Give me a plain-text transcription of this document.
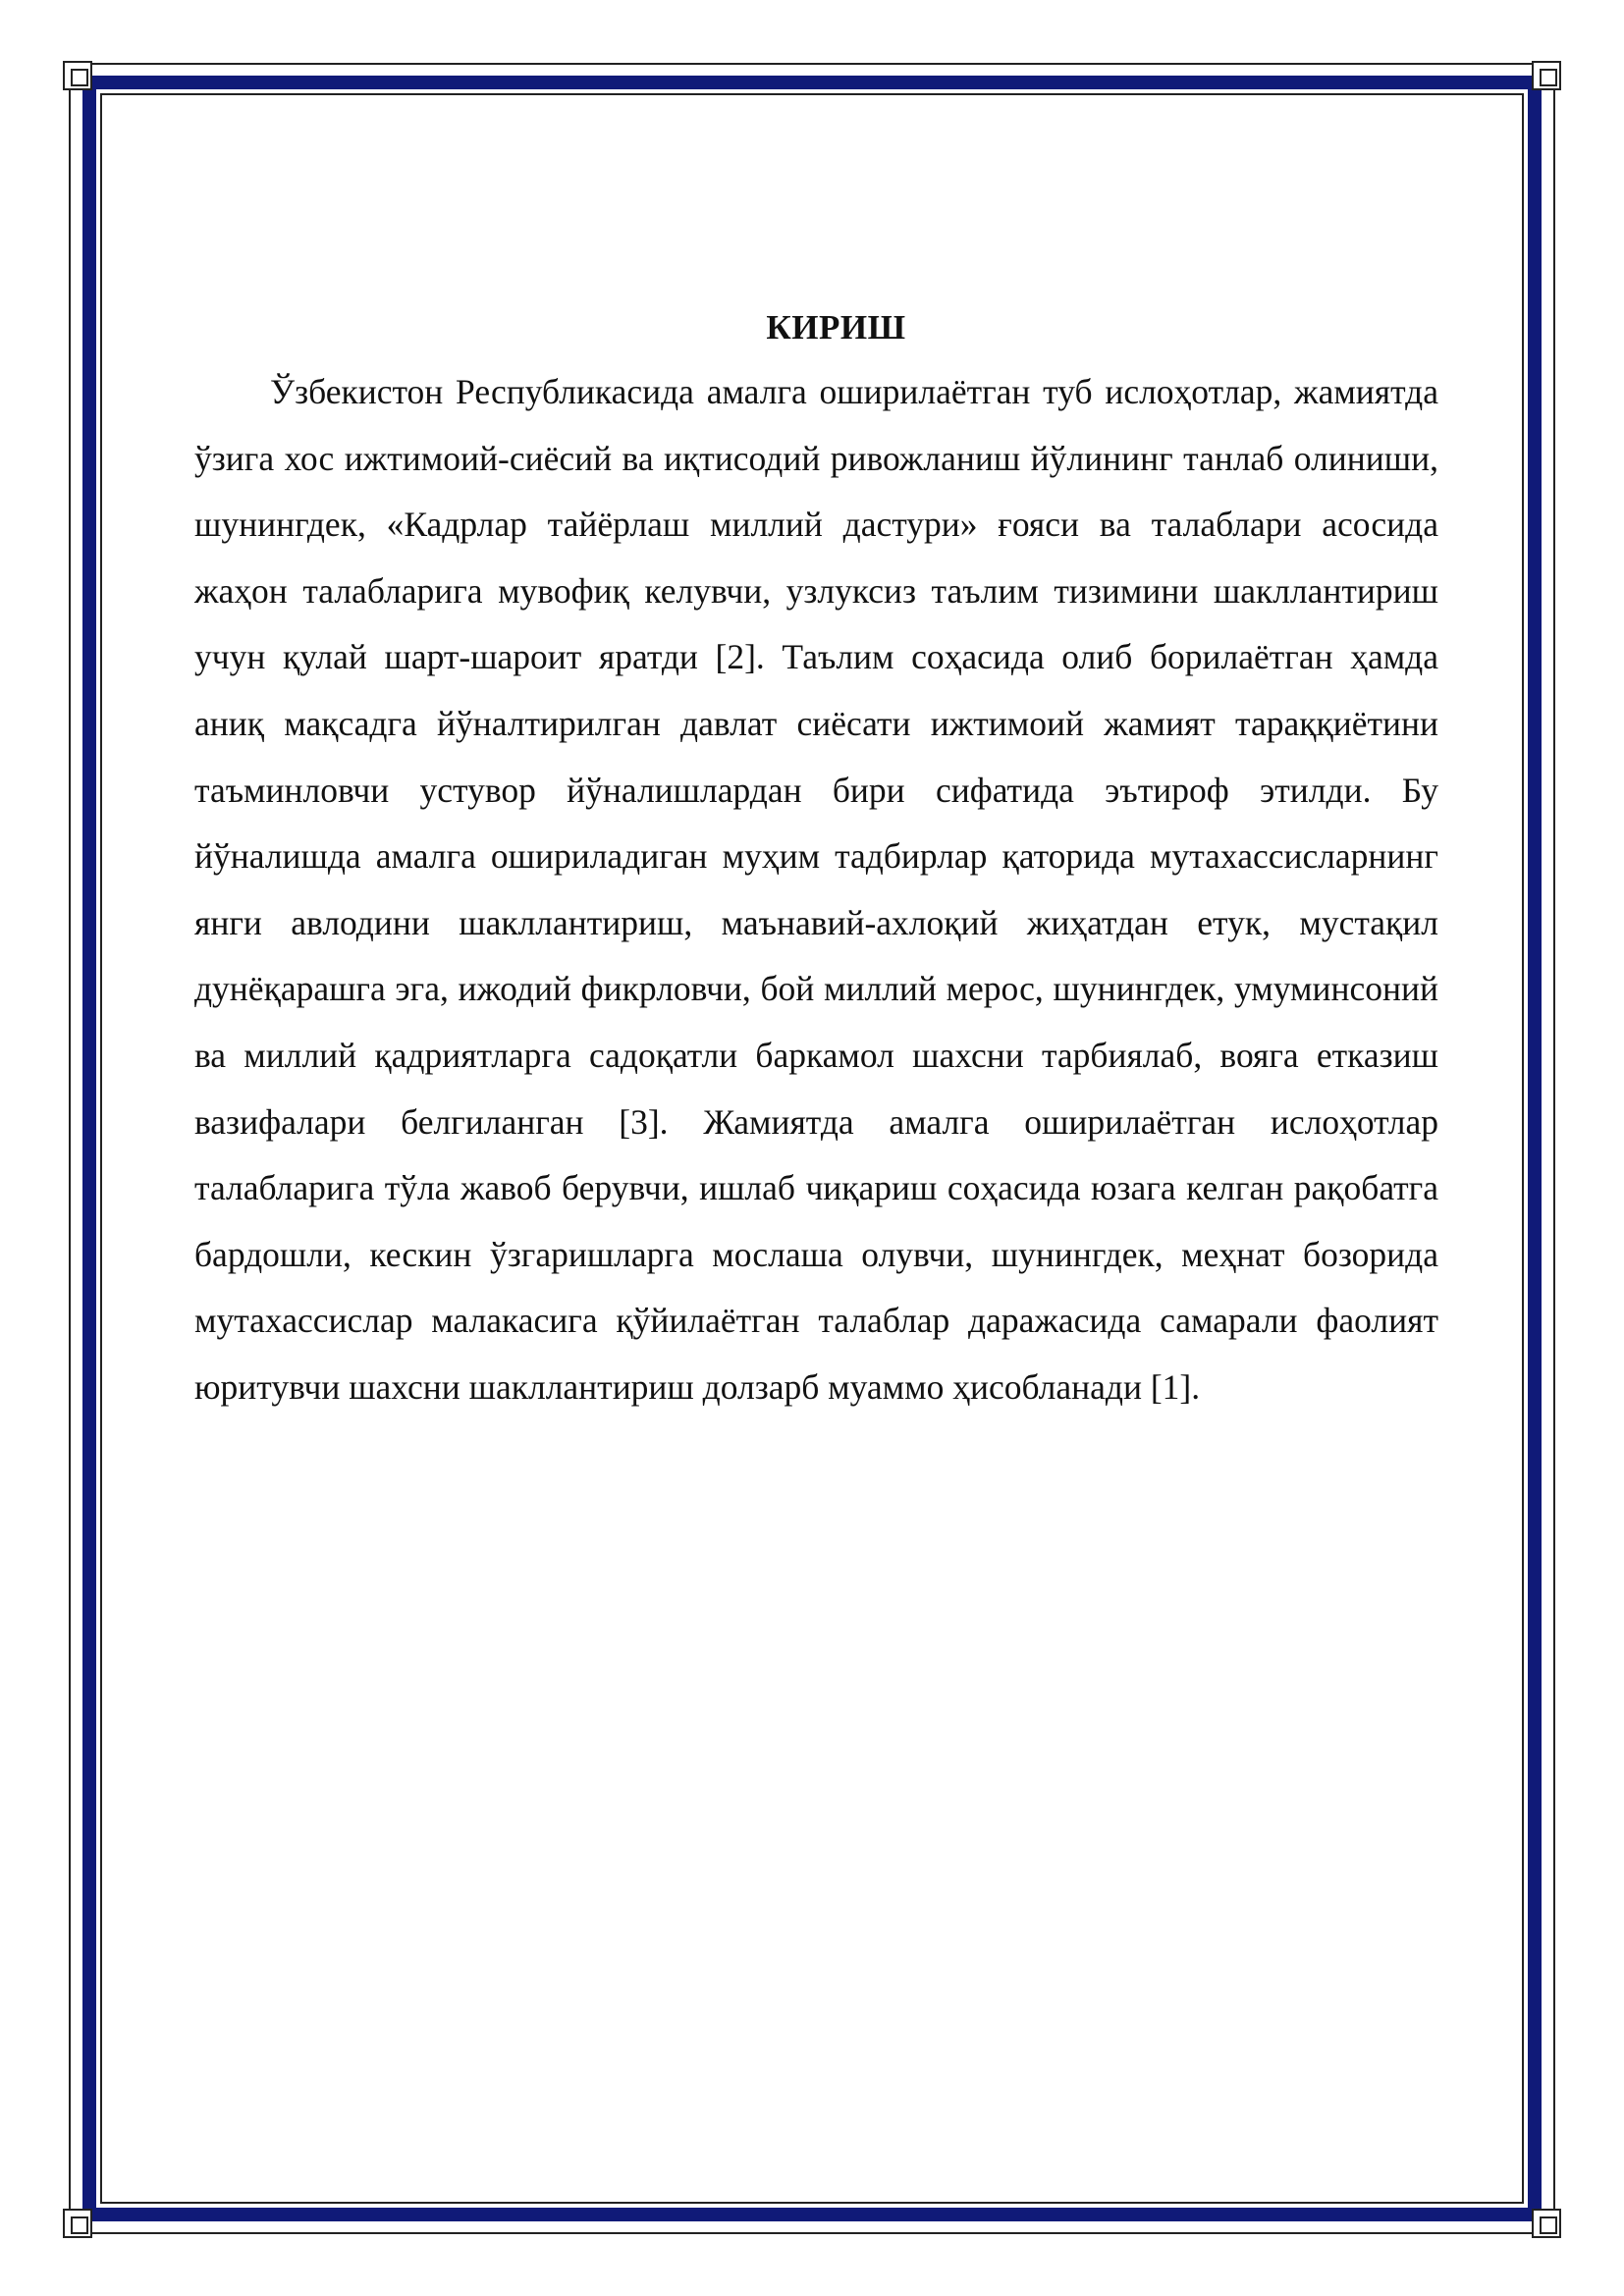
КИРИШ

Ўзбекистон Республикасида амалга оширилаётган туб ислоҳотлар, жамиятда ўзига хос ижтимоий-сиёсий ва иқтисодий ривожланиш йўлининг танлаб олиниши, шунингдек, «Кадрлар тайёрлаш миллий дастури» ғояси ва талаблари асосида жаҳон талабларига мувофиқ келувчи, узлуксиз таълим тизимини шакллантириш учун қулай шарт-шароит яратди [2]. Таълим соҳасида олиб борилаётган ҳамда аниқ мақсадга йўналтирилган давлат сиёсати ижтимоий жамият тараққиётини таъминловчи устувор йўналишлардан бири сифатида эътироф этилди. Бу йўналишда амалга ошириладиган муҳим тадбирлар қаторида мутахассисларнинг янги авлодини шакллантириш, маънавий-ахлоқий жиҳатдан етук, мустақил дунёқарашга эга, ижодий фикрловчи, бой миллий мерос, шунингдек, умуминсоний ва миллий қадриятларга садоқатли баркамол шахсни тарбиялаб, вояга етказиш вазифалари белгиланган [3]. Жамиятда амалга оширилаётган ислоҳотлар талабларига тўла жавоб берувчи, ишлаб чиқариш соҳасида юзага келган рақобатга бардошли, кескин ўзгаришларга мослаша олувчи, шунингдек, меҳнат бозорида мутахассислар малакасига қўйилаётган талаблар даражасида самарали фаолият юритувчи шахсни шакллантириш долзарб муаммо ҳисобланади [1].
